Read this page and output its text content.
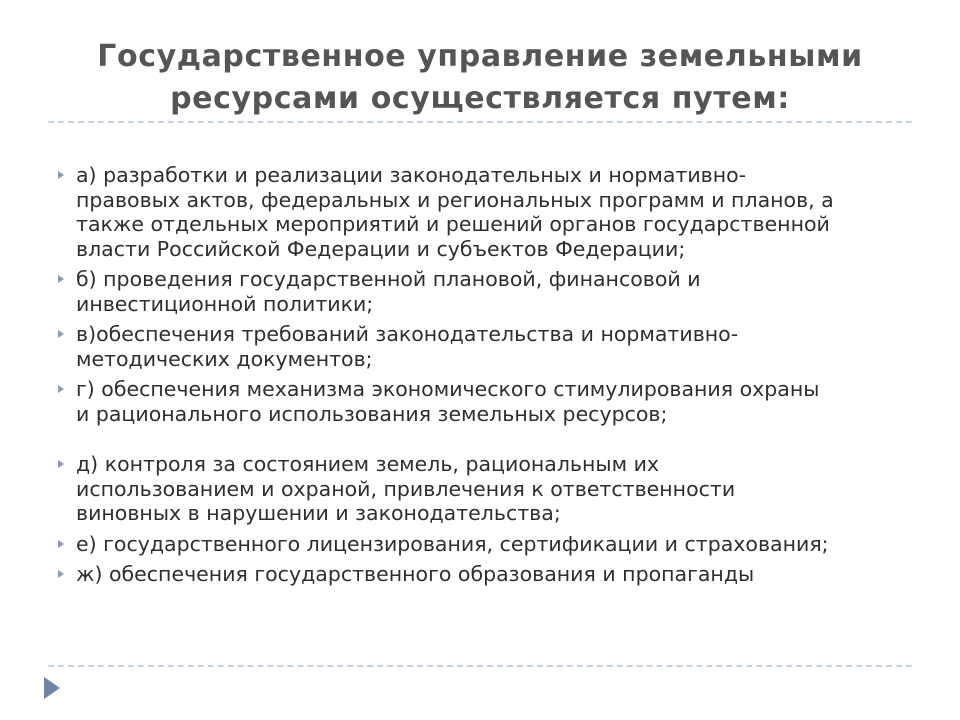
Государственное управление земельными
ресурсами осуществляется путем:
а) разработки и реализации законодательных и нормативно-
правовых актов, федеральных и региональных программ и планов, а
также отдельных мероприятий и решений органов государственной
власти Российской Федерации и субъектов Федерации;
б) проведения государственной плановой, финансовой и
инвестиционной политики;
в)обеспечения требований законодательства и нормативно-
методических документов;
г) обеспечения механизма экономического стимулирования охраны
и рационального использования земельных ресурсов;
д) контроля за состоянием земель, рациональным их
использованием и охраной, привлечения к ответственности
виновных в нарушении и законодательства;
е) государственного лицензирования, сертификации и страхования;
ж) обеспечения государственного образования и пропаганды
